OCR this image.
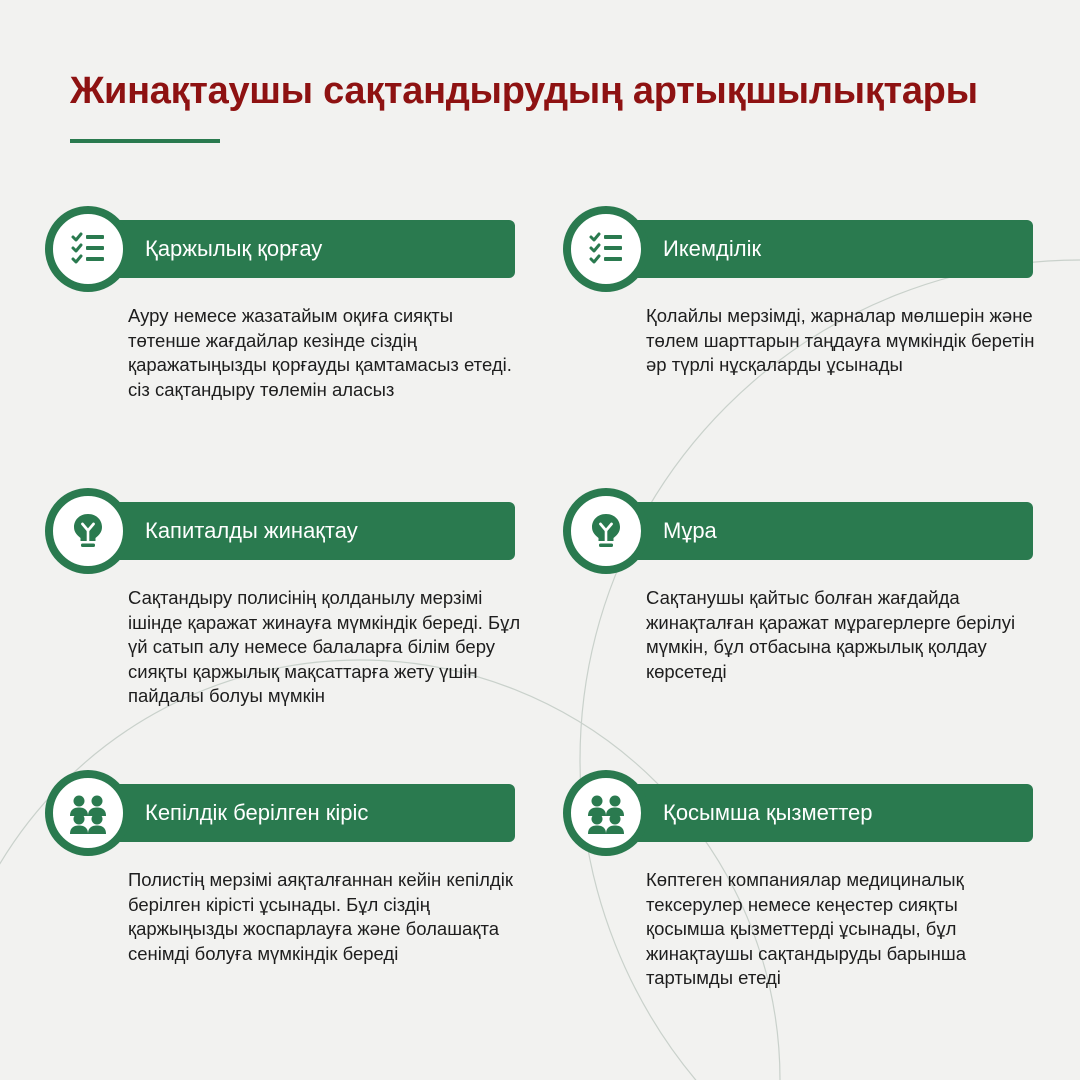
Жинақтаушы сақтандырудың артықшылықтары
Қаржылық қорғау

Ауру немесе жазатайым оқиға сияқты төтенше жағдайлар кезінде сіздің қаражатыңызды қорғауды қамтамасыз етеді. сіз сақтандыру төлемін аласыз

Икемділік

Қолайлы мерзімді, жарналар мөлшерін және төлем шарттарын таңдауға мүмкіндік беретін әр түрлі нұсқаларды ұсынады

Капиталды жинақтау

Сақтандыру полисінің қолданылу мерзімі ішінде қаражат жинауға мүмкіндік береді. Бұл үй сатып алу немесе балаларға білім беру сияқты қаржылық мақсаттарға жету үшін пайдалы болуы мүмкін

Мұра

Сақтанушы қайтыс болған жағдайда жинақталған қаражат мұрагерлерге берілуі мүмкін, бұл отбасына қаржылық қолдау көрсетеді

Кепілдік берілген кіріс

Полистің мерзімі аяқталғаннан кейін кепілдік берілген кірісті ұсынады. Бұл сіздің қаржыңызды жоспарлауға және болашақта сенімді болуға мүмкіндік береді

Қосымша қызметтер

Көптеген компаниялар медициналық тексерулер немесе кеңестер сияқты қосымша қызметтерді ұсынады, бұл жинақтаушы сақтандыруды барынша тартымды етеді
